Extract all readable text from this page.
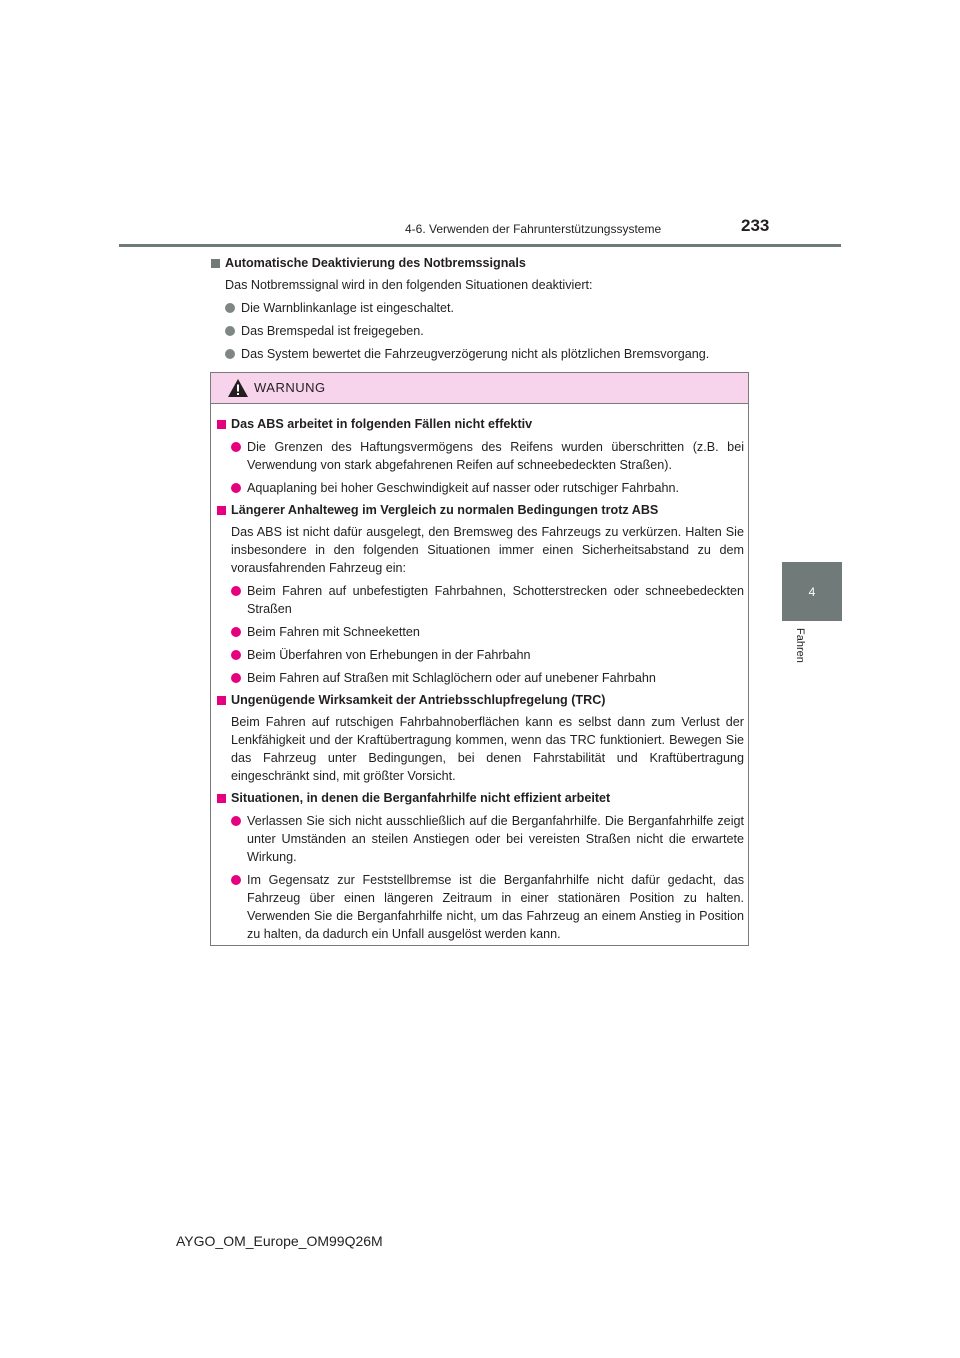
4-6. Verwenden der Fahrunterstützungssysteme	233
4
Fahren
Automatische Deaktivierung des Notbremssignals
Das Notbremssignal wird in den folgenden Situationen deaktiviert:
Die Warnblinkanlage ist eingeschaltet.
Das Bremspedal ist freigegeben.
Das System bewertet die Fahrzeugverzögerung nicht als plötzlichen Bremsvorgang.
WARNUNG
Das ABS arbeitet in folgenden Fällen nicht effektiv
Die Grenzen des Haftungsvermögens des Reifens wurden überschritten (z.B. bei Verwendung von stark abgefahrenen Reifen auf schneebedeckten Straßen).
Aquaplaning bei hoher Geschwindigkeit auf nasser oder rutschiger Fahrbahn.
Längerer Anhalteweg im Vergleich zu normalen Bedingungen trotz ABS
Das ABS ist nicht dafür ausgelegt, den Bremsweg des Fahrzeugs zu verkürzen. Halten Sie insbesondere in den folgenden Situationen immer einen Sicherheitsabstand zu dem vorausfahrenden Fahrzeug ein:
Beim Fahren auf unbefestigten Fahrbahnen, Schotterstrecken oder schneebedeckten Straßen
Beim Fahren mit Schneeketten
Beim Überfahren von Erhebungen in der Fahrbahn
Beim Fahren auf Straßen mit Schlaglöchern oder auf unebener Fahrbahn
Ungenügende Wirksamkeit der Antriebsschlupfregelung (TRC)
Beim Fahren auf rutschigen Fahrbahnoberflächen kann es selbst dann zum Verlust der Lenkfähigkeit und der Kraftübertragung kommen, wenn das TRC funktioniert. Bewegen Sie das Fahrzeug unter Bedingungen, bei denen Fahrstabilität und Kraftübertragung eingeschränkt sind, mit größter Vorsicht.
Situationen, in denen die Berganfahrhilfe nicht effizient arbeitet
Verlassen Sie sich nicht ausschließlich auf die Berganfahrhilfe. Die Berganfahrhilfe zeigt unter Umständen an steilen Anstiegen oder bei vereisten Straßen nicht die erwartete Wirkung.
Im Gegensatz zur Feststellbremse ist die Berganfahrhilfe nicht dafür gedacht, das Fahrzeug über einen längeren Zeitraum in einer stationären Position zu halten. Verwenden Sie die Berganfahrhilfe nicht, um das Fahrzeug an einem Anstieg in Position zu halten, da dadurch ein Unfall ausgelöst werden kann.
AYGO_OM_Europe_OM99Q26M
